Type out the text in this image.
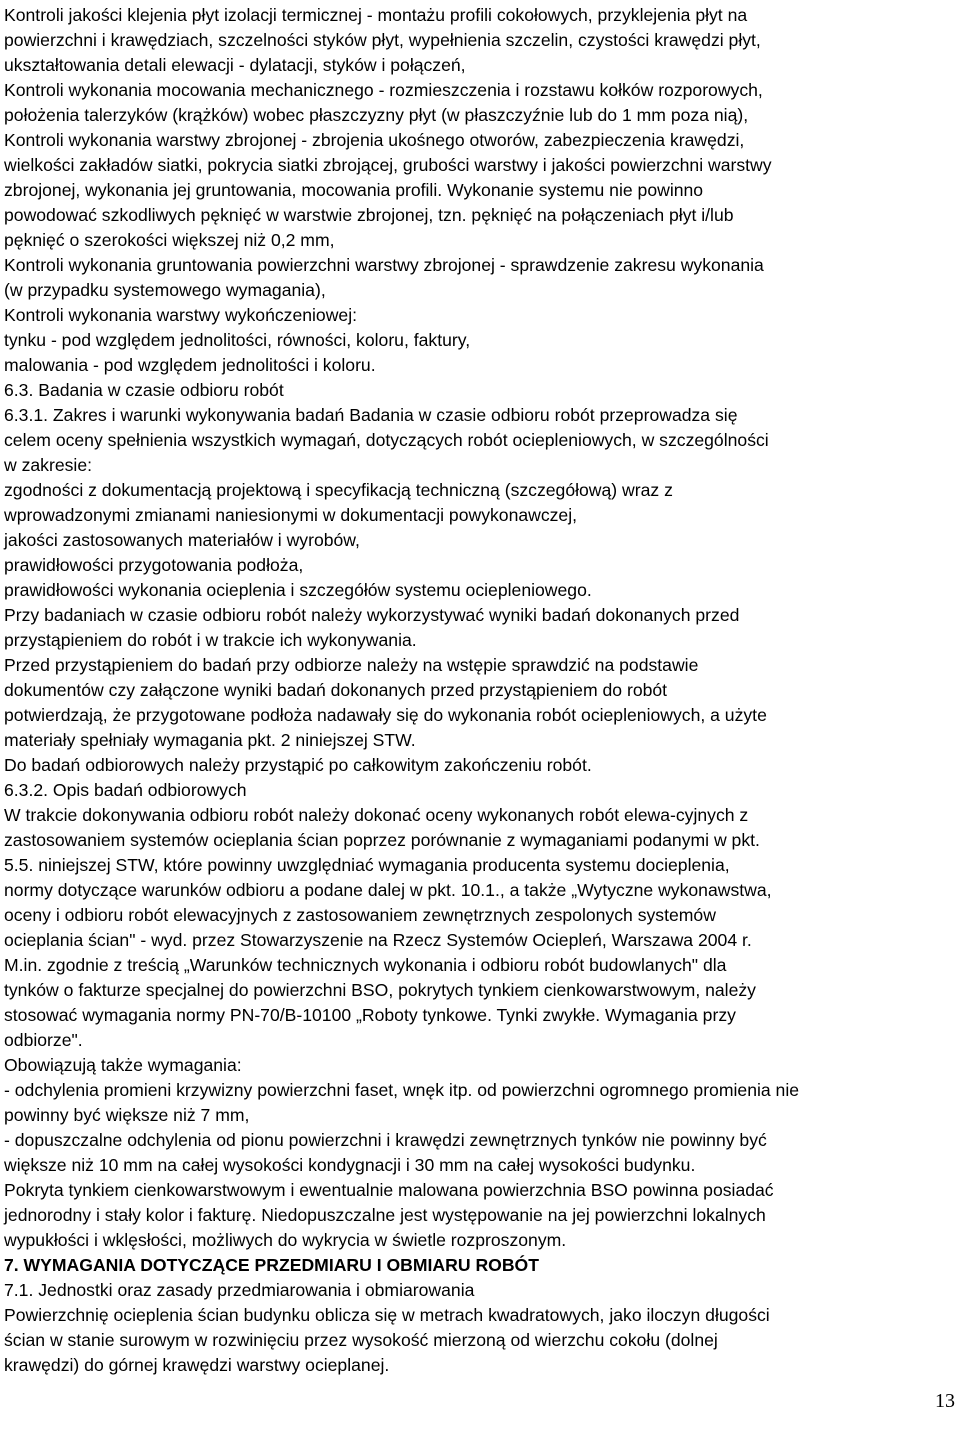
Kontroli jakości klejenia płyt izolacji termicznej - montażu profili cokołowych, przyklejenia płyt na
powierzchni i krawędziach, szczelności styków płyt, wypełnienia szczelin, czystości krawędzi płyt,
ukształtowania detali elewacji - dylatacji, styków i połączeń,
Kontroli wykonania mocowania mechanicznego - rozmieszczenia i rozstawu kołków rozporowych,
położenia talerzyków (krążków) wobec płaszczyzny płyt (w płaszczyźnie lub do 1 mm poza nią),
Kontroli wykonania warstwy zbrojonej - zbrojenia ukośnego otworów, zabezpieczenia krawędzi,
wielkości zakładów siatki, pokrycia siatki zbrojącej, grubości warstwy i jakości powierzchni warstwy
zbrojonej, wykonania jej gruntowania, mocowania profili. Wykonanie systemu nie powinno
powodować szkodliwych pęknięć w warstwie zbrojonej, tzn. pęknięć na połączeniach płyt i/lub
pęknięć o szerokości większej niż 0,2 mm,
Kontroli wykonania gruntowania powierzchni warstwy zbrojonej - sprawdzenie zakresu wykonania
(w przypadku systemowego wymagania),
Kontroli wykonania warstwy wykończeniowej:
tynku - pod względem jednolitości, równości, koloru, faktury,
malowania - pod względem jednolitości i koloru.
6.3. Badania w czasie odbioru robót
6.3.1. Zakres i warunki wykonywania badań Badania w czasie odbioru robót przeprowadza się
celem oceny spełnienia wszystkich wymagań, dotyczących robót ociepleniowych, w szczególności
w zakresie:
zgodności z dokumentacją projektową i specyfikacją techniczną (szczegółową) wraz z
wprowadzonymi zmianami naniesionymi w dokumentacji powykonawczej,
jakości zastosowanych materiałów i wyrobów,
prawidłowości przygotowania podłoża,
prawidłowości wykonania ocieplenia i szczegółów systemu ociepleniowego.
Przy badaniach w czasie odbioru robót należy wykorzystywać wyniki badań dokonanych przed
przystąpieniem do robót i w trakcie ich wykonywania.
Przed przystąpieniem do badań przy odbiorze należy na wstępie sprawdzić na podstawie
dokumentów czy załączone wyniki badań dokonanych przed przystąpieniem do robót
potwierdzają, że przygotowane podłoża nadawały się do wykonania robót ociepleniowych, a użyte
materiały spełniały wymagania pkt. 2 niniejszej STW.
Do badań odbiorowych należy przystąpić po całkowitym zakończeniu robót.
6.3.2. Opis badań odbiorowych
W trakcie dokonywania odbioru robót należy dokonać oceny wykonanych robót elewa-cyjnych z
zastosowaniem systemów ocieplania ścian poprzez porównanie z wymaganiami podanymi w pkt.
5.5. niniejszej STW, które powinny uwzględniać wymagania producenta systemu docieplenia,
normy dotyczące warunków odbioru a podane dalej w pkt. 10.1., a także „Wytyczne wykonawstwa,
oceny i odbioru robót elewacyjnych z zastosowaniem zewnętrznych zespolonych systemów
ocieplania ścian" - wyd. przez Stowarzyszenie na Rzecz Systemów Ociepleń, Warszawa 2004 r.
M.in. zgodnie z treścią „Warunków technicznych wykonania i odbioru robót budowlanych" dla
tynków o fakturze specjalnej do powierzchni BSO, pokrytych tynkiem cienkowarstwowym, należy
stosować wymagania normy PN-70/B-10100 „Roboty tynkowe. Tynki zwykłe. Wymagania przy
odbiorze".
Obowiązują także wymagania:
- odchylenia promieni krzywizny powierzchni faset, wnęk itp. od powierzchni ogromnego promienia nie
powinny być większe niż 7 mm,
- dopuszczalne odchylenia od pionu powierzchni i krawędzi zewnętrznych tynków nie powinny być
większe niż 10 mm na całej wysokości kondygnacji i 30 mm na całej wysokości budynku.
Pokryta tynkiem cienkowarstwowym i ewentualnie malowana powierzchnia BSO powinna posiadać
jednorodny i stały kolor i fakturę. Niedopuszczalne jest występowanie na jej powierzchni lokalnych
wypukłości i wklęsłości, możliwych do wykrycia w świetle rozproszonym.
7. WYMAGANIA DOTYCZĄCE PRZEDMIARU I OBMIARU ROBÓT
7.1. Jednostki oraz zasady przedmiarowania i obmiarowania
Powierzchnię ocieplenia ścian budynku oblicza się w metrach kwadratowych, jako iloczyn długości
ścian w stanie surowym w rozwinięciu przez wysokość mierzoną od wierzchu cokołu (dolnej
krawędzi) do górnej krawędzi warstwy ocieplanej.
13
